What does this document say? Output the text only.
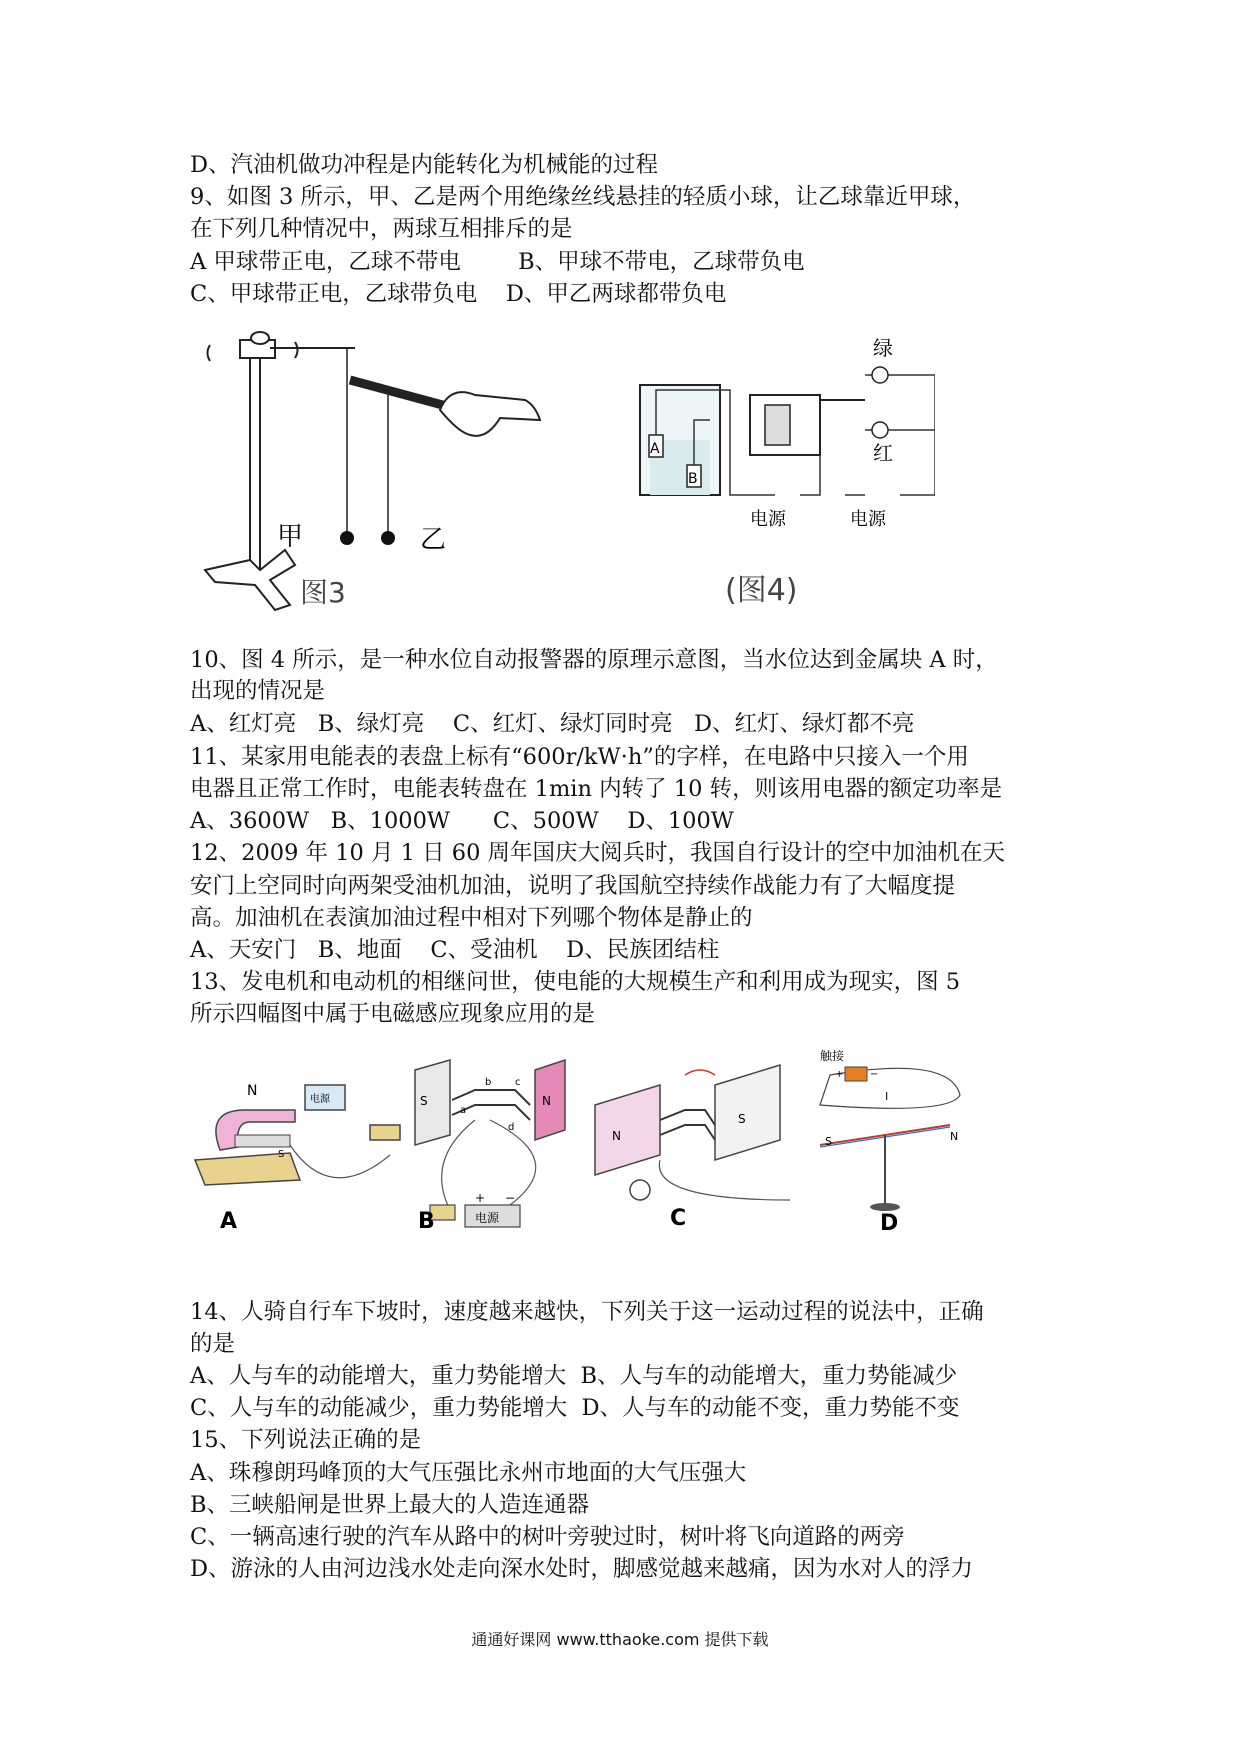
D、汽油机做功冲程是内能转化为机械能的过程
9、如图 3 所示，甲、乙是两个用绝缘丝线悬挂的轻质小球，让乙球靠近甲球，
在下列几种情况中，两球互相排斥的是
A 甲球带正电，乙球不带电        B、甲球不带电，乙球带负电
C、甲球带正电，乙球带负电    D、甲乙两球都带负电
甲	乙
图3
A
B
绿
红
电源	电源
(图4)
10、图 4 所示，是一种水位自动报警器的原理示意图，当水位达到金属块 A 时，
出现的情况是
A、红灯亮   B、绿灯亮    C、红灯、绿灯同时亮   D、红灯、绿灯都不亮
11、某家用电能表的表盘上标有“600r/kW·h”的字样，在电路中只接入一个用
电器且正常工作时，电能表转盘在 1min 内转了 10 转，则该用电器的额定功率是
A、3600W   B、1000W      C、500W    D、100W
12、2009 年 10 月 1 日 60 周年国庆大阅兵时，我国自行设计的空中加油机在天
安门上空同时向两架受油机加油，说明了我国航空持续作战能力有了大幅度提
高。加油机在表演加油过程中相对下列哪个物体是静止的
A、天安门   B、地面    C、受油机    D、民族团结柱
13、发电机和电动机的相继问世，使电能的大规模生产和利用成为现实，图 5
所示四幅图中属于电磁感应现象应用的是
N
S
电源
A
S	N
a
b c
d
电源
+ −
B
N
S
C
触接
+	−
I
S	N
D
14、人骑自行车下坡时，速度越来越快，下列关于这一运动过程的说法中，正确
的是
A、人与车的动能增大，重力势能增大  B、人与车的动能增大，重力势能减少
C、人与车的动能减少，重力势能增大  D、人与车的动能不变，重力势能不变
15、下列说法正确的是
A、珠穆朗玛峰顶的大气压强比永州市地面的大气压强大
B、三峡船闸是世界上最大的人造连通器
C、一辆高速行驶的汽车从路中的树叶旁驶过时，树叶将飞向道路的两旁
D、游泳的人由河边浅水处走向深水处时，脚感觉越来越痛，因为水对人的浮力
通通好课网 www.tthaoke.com 提供下载
